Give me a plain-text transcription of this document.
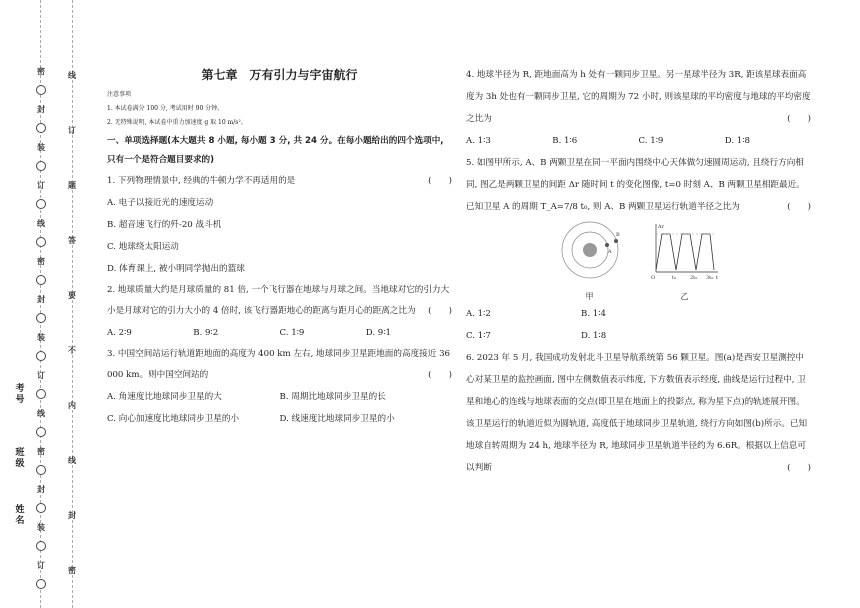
密
封
装
订
线
密
封
装
订
线
密
封
装
订
线
订
题
答
要
不
内
线
封
密
考号
班级
姓名
第七章　万有引力与宇宙航行
注意事项
1. 本试卷满分 100 分, 考试用时 90 分钟。
2. 无特殊说明, 本试卷中重力加速度 g 取 10 m/s²。

一、单项选择题(本大题共 8 小题, 每小题 3 分, 共 24 分。在每小题给出的四个选项中, 只有一个是符合题目要求的)

1. 下列物理情景中, 经典的牛顿力学不再适用的是	(　　)
A. 电子以接近光的速度运动
B. 超音速飞行的歼-20 战斗机
C. 地球绕太阳运动
D. 体育课上, 被小明同学抛出的篮球

2. 地球质量大约是月球质量的 81 倍, 一个飞行器在地球与月球之间。当地球对它的引力大小是月球对它的引力大小的 4 倍时, 该飞行器距地心的距离与距月心的距离之比为	(　　)
A. 2∶9	B. 9∶2	C. 1∶9	D. 9∶1

3. 中国空间站运行轨道距地面的高度为 400 km 左右, 地球同步卫星距地面的高度接近 36 000 km。则中国空间站的	(　　)
A. 角速度比地球同步卫星的大	B. 周期比地球同步卫星的长
C. 向心加速度比地球同步卫星的小	D. 线速度比地球同步卫星的小

4. 地球半径为 R, 距地面高为 h 处有一颗同步卫星。另一星球半径为 3R, 距该星球表面高度为 3h 处也有一颗同步卫星, 它的周期为 72 小时, 则该星球的平均密度与地球的平均密度之比为	(　　)
A. 1∶3	B. 1∶6	C. 1∶9	D. 1∶8

5. 如图甲所示, A、B 两颗卫星在同一平面内围绕中心天体做匀速圆周运动, 且绕行方向相同, 图乙是两颗卫星的间距 Δr 随时间 t 的变化图像, t=0 时刻 A、B 两颗卫星相距最近。已知卫星 A 的周期 T_A=7/8 t₀, 则 A、B 两颗卫星运行轨道半径之比为	(　　)
A
B
甲
Δr
t
O	t₀	2t₀ 3t₀
乙
A. 1∶2	B. 1∶4
C. 1∶7	D. 1∶8

6. 2023 年 5 月, 我国成功发射北斗卫星导航系统第 56 颗卫星。图(a)是西安卫星测控中心对某卫星的监控画面, 图中左侧数值表示纬度, 下方数值表示经度, 曲线是运行过程中, 卫星和地心的连线与地球表面的交点(即卫星在地面上的投影点, 称为星下点)的轨迹展开图。该卫星运行的轨道近似为圆轨道, 高度低于地球同步卫星轨道, 绕行方向如图(b)所示。已知地球自转周期为 24 h, 地球半径为 R, 地球同步卫星轨道半径约为 6.6R。根据以上信息可以判断	(　　)
